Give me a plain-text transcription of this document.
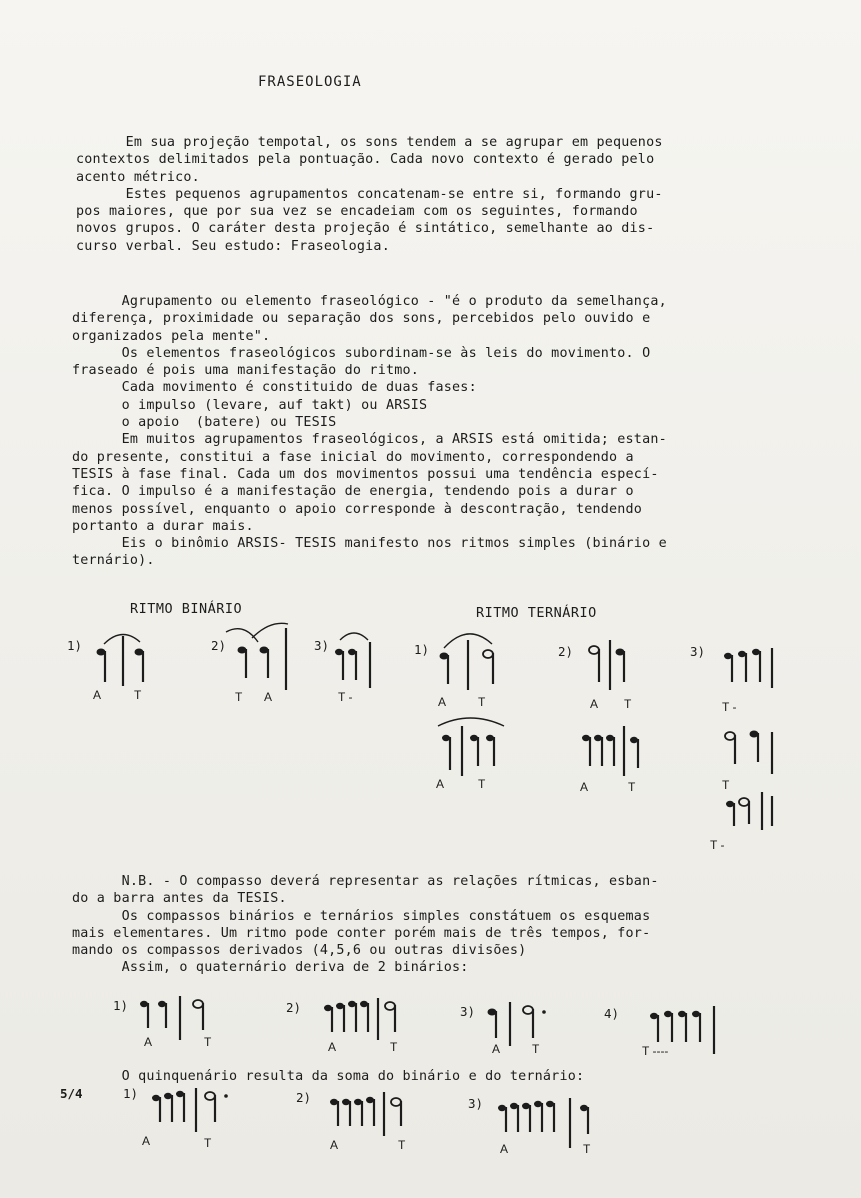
FRASEOLOGIA
Em sua projeção tempotal, os sons tendem a se agrupar em pequenos
contextos delimitados pela pontuação. Cada novo contexto é gerado pelo
acento métrico.
Estes pequenos agrupamentos concatenam-se entre si, formando gru-
pos maiores, que por sua vez se encadeiam com os seguintes, formando
novos grupos. O caráter desta projeção é sintático, semelhante ao dis-
curso verbal. Seu estudo: Fraseologia.
Agrupamento ou elemento fraseológico - "é o produto da semelhança,
diferença, proximidade ou separação dos sons, percebidos pelo ouvido e
organizados pela mente".
Os elementos fraseológicos subordinam-se às leis do movimento. O
fraseado é pois uma manifestação do ritmo.
Cada movimento é constituido de duas fases:
o impulso (levare, auf takt) ou ARSIS
o apoio  (batere) ou TESIS
Em muitos agrupamentos fraseológicos, a ARSIS está omitida; estan-
do presente, constitui a fase inicial do movimento, correspondendo a
TESIS à fase final. Cada um dos movimentos possui uma tendência especí-
fica. O impulso é a manifestação de energia, tendendo pois a durar o
menos possível, enquanto o apoio corresponde à descontração, tendendo
portanto a durar mais.
Eis o binômio ARSIS- TESIS manifesto nos ritmos simples (binário e
ternário).
RITMO BINÁRIO	RITMO TERNÁRIO
1)
A	T
2)
T A
3)
T -
1)
A	T
2)
A T
3)
T -
A	T	A	T	T
T -
N.B. - O compasso deverá representar as relações rítmicas, esban-
do a barra antes da TESIS.
Os compassos binários e ternários simples constátuem os esquemas
mais elementares. Um ritmo pode conter porém mais de três tempos, for-
mando os compassos derivados (4,5,6 ou outras divisões)
Assim, o quaternário deriva de 2 binários:
1)
A	T
2)
A	T
3)
A	T
4)
T ----
O quinquenário resulta da soma do binário e do ternário:
5/4	1)
A	T
2)
A	T
3)
A	T
